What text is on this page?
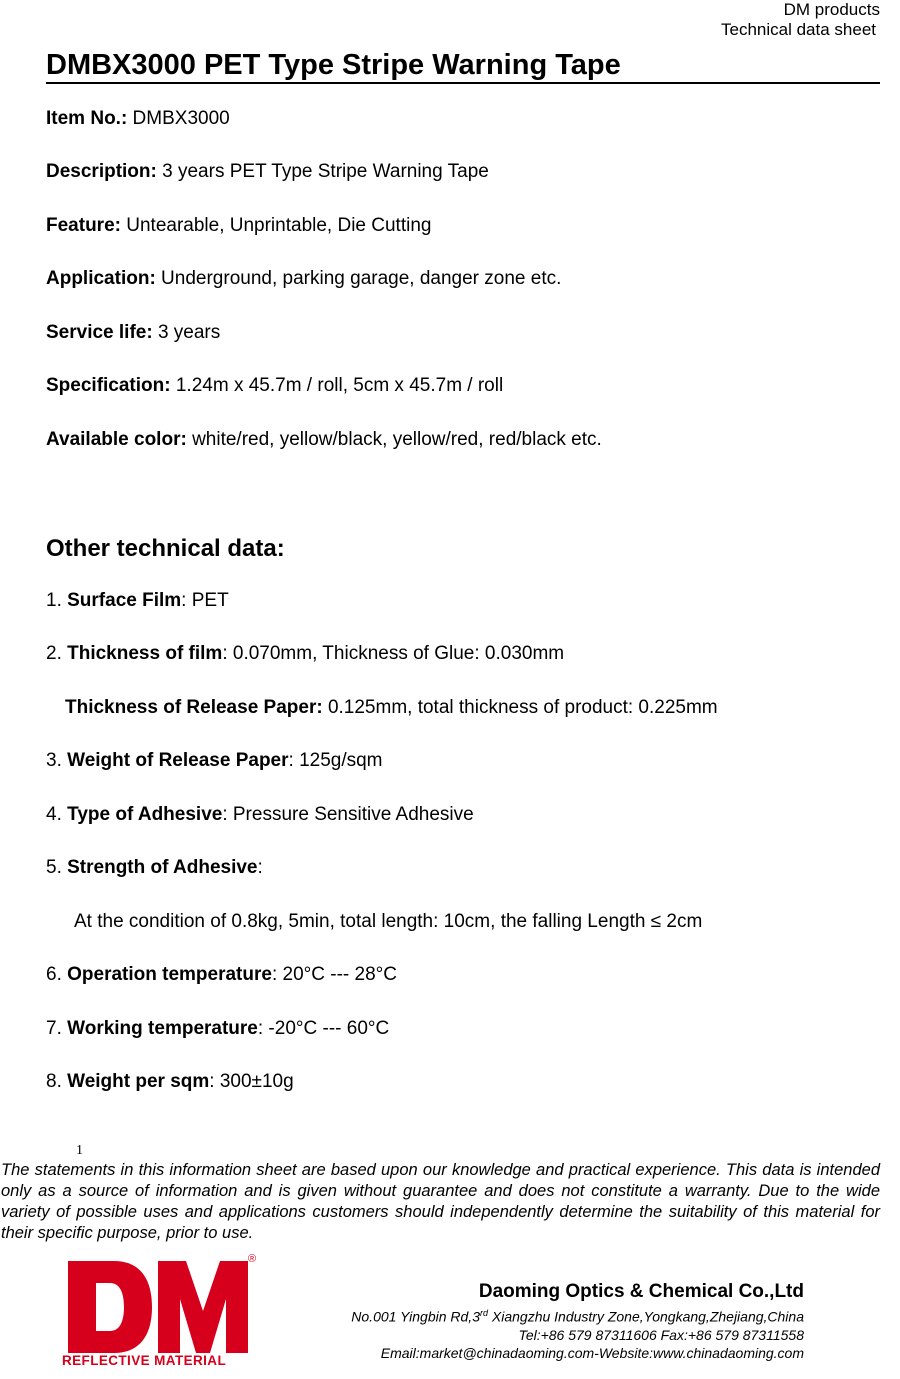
DM products
Technical data sheet
DMBX3000 PET Type Stripe Warning Tape
Item No.: DMBX3000
Description: 3 years PET Type Stripe Warning Tape
Feature: Untearable, Unprintable, Die Cutting
Application: Underground, parking garage, danger zone etc.
Service life: 3 years
Specification: 1.24m x 45.7m / roll, 5cm x 45.7m / roll
Available color: white/red, yellow/black, yellow/red, red/black etc.
Other technical data:
1. Surface Film: PET
2. Thickness of film: 0.070mm, Thickness of Glue: 0.030mm
Thickness of Release Paper: 0.125mm, total thickness of product: 0.225mm
3. Weight of Release Paper: 125g/sqm
4. Type of Adhesive: Pressure Sensitive Adhesive
5. Strength of Adhesive:
At the condition of 0.8kg, 5min, total length: 10cm, the falling Length ≤ 2cm
6. Operation temperature: 20°C --- 28°C
7. Working temperature: -20°C --- 60°C
8. Weight per sqm: 300±10g
1
The statements in this information sheet are based upon our knowledge and practical experience. This data is intended only as a source of information and is given without guarantee and does not constitute a warranty. Due to the wide variety of possible uses and applications customers should independently determine the suitability of this material for their specific purpose, prior to use.
®
REFLECTIVE MATERIAL
Daoming Optics & Chemical Co.,Ltd
No.001 Yingbin Rd,3rd Xiangzhu Industry Zone,Yongkang,Zhejiang,China
Tel:+86 579 87311606 Fax:+86 579 87311558
Email:market@chinadaoming.com-Website:www.chinadaoming.com
